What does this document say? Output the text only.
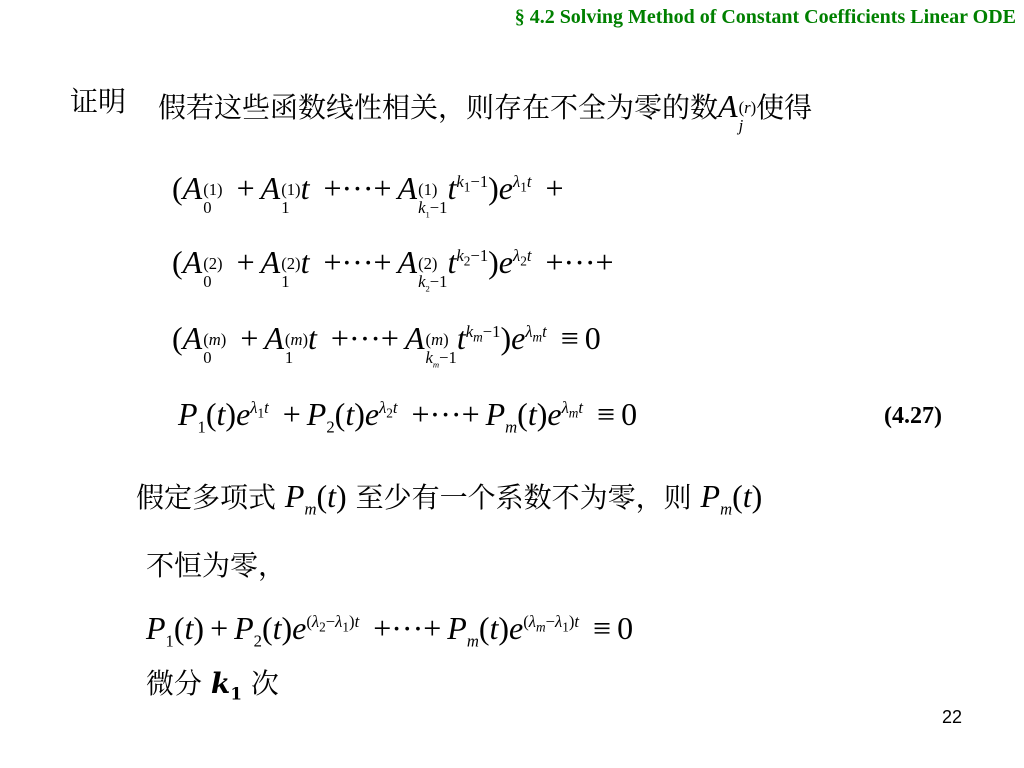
§ 4.2 Solving Method of Constant Coefficients Linear ODE
证明 假若这些函数线性相关，则存在不全为零的数A (r)
j
使得
(A (1)
0
+ A (1)
1
t +···+ A (1)
$k_1-1$
$t^{k_1-1})e^{\lambda_1t}$ +
(A (2)
0
+ A (2)
1
t +···+ A (2)
$k_2-1$
$t^{k_2-1})e^{\lambda_2t}$ +···+
(A (m)
0
+ A (m)
1
t +···+ A (m)
$k_m-1$
$t^{k_m-1})e^{\lambda_mt} \equiv 0$
$P_1(t)e^{\lambda_1t} + P_2(t)e^{\lambda_2t}$ +···+ $P_m(t)e^{\lambda_mt} \equiv 0$	(4.27)
假定多项式 $P_m(t)$ 至少有一个系数不为零，则 $P_m(t)$
不恒为零，
$P_1(t) + P_2(t)e^{(\lambda_2-\lambda_1)t}$ +···+ $P_m(t)e^{(\lambda_m-\lambda_1)t} \equiv 0$
微分 $k_1$ 次
22
